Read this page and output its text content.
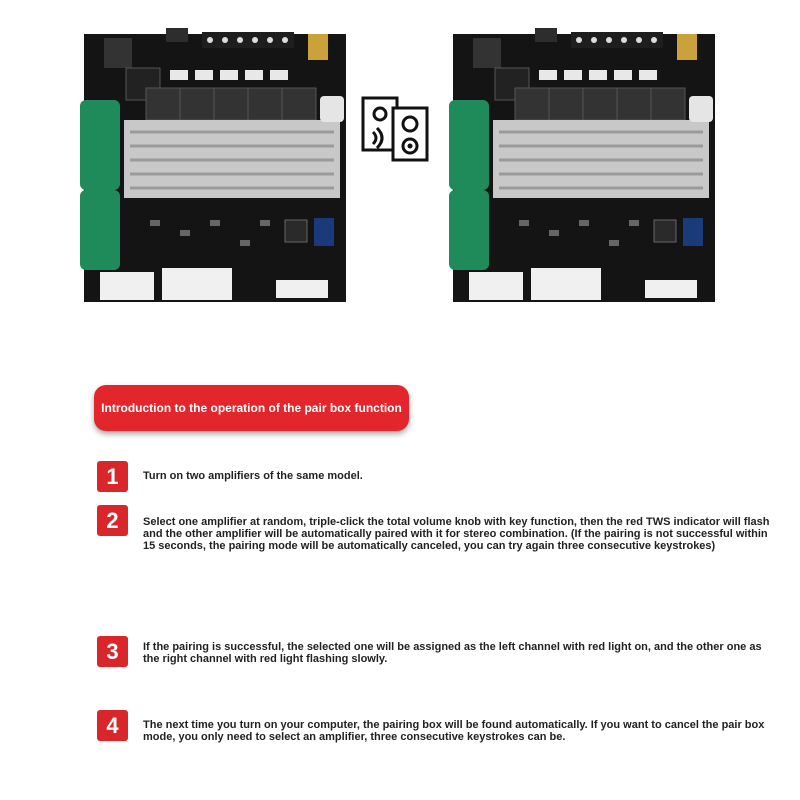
Introduction to the operation of the pair box function
1	Turn on two amplifiers of the same model.
2	Select one amplifier at random, triple-click the total volume knob with key function, then the red TWS indicator will flash and the other amplifier will be automatically paired with it for stereo combination. (If the pairing is not successful within 15 seconds, the pairing mode will be automatically canceled, you can try again three consecutive keystrokes)
3	If the pairing is successful, the selected one will be assigned as the left channel with red light on, and the other one as the right channel with red light flashing slowly.
4	The next time you turn on your computer, the pairing box will be found automatically. If you want to cancel the pair box mode, you only need to select an amplifier, three consecutive keystrokes can be.
